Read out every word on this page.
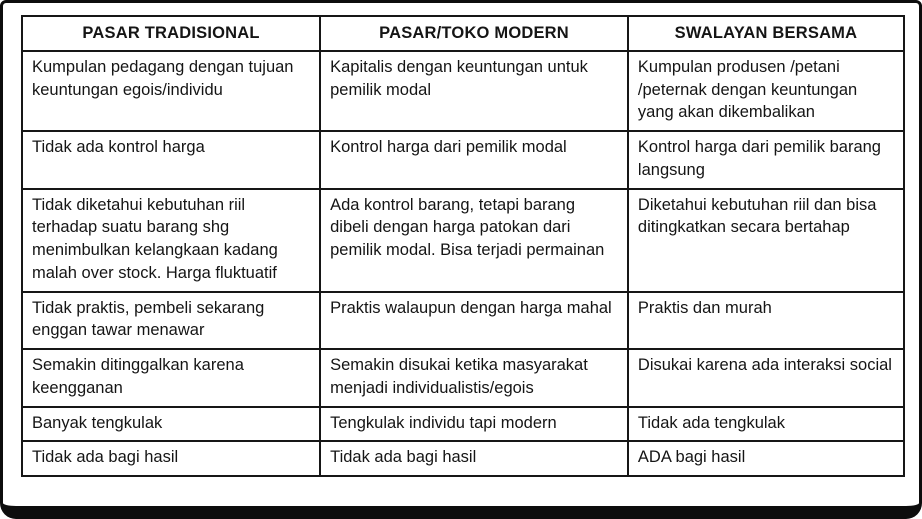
PASAR TRADISIONAL	PASAR/TOKO MODERN	SWALAYAN BERSAMA
Kumpulan pedagang dengan tujuan keuntungan egois/individu	Kapitalis dengan keuntungan untuk pemilik modal	Kumpulan produsen /petani /peternak dengan keuntungan yang akan dikembalikan
Tidak ada kontrol harga	Kontrol harga dari pemilik modal	Kontrol harga dari pemilik barang langsung
Tidak diketahui kebutuhan riil terhadap suatu barang shg menimbulkan kelangkaan kadang malah over stock. Harga fluktuatif	Ada kontrol barang, tetapi barang dibeli dengan harga patokan dari pemilik modal. Bisa terjadi permainan	Diketahui kebutuhan riil dan bisa ditingkatkan secara bertahap
Tidak praktis, pembeli sekarang enggan tawar menawar	Praktis walaupun dengan harga mahal	Praktis dan murah
Semakin ditinggalkan karena keengganan	Semakin disukai ketika masyarakat menjadi individualistis/egois	Disukai karena ada interaksi social
Banyak tengkulak	Tengkulak individu tapi modern	Tidak ada tengkulak
Tidak ada bagi hasil	Tidak ada bagi hasil	ADA bagi hasil
